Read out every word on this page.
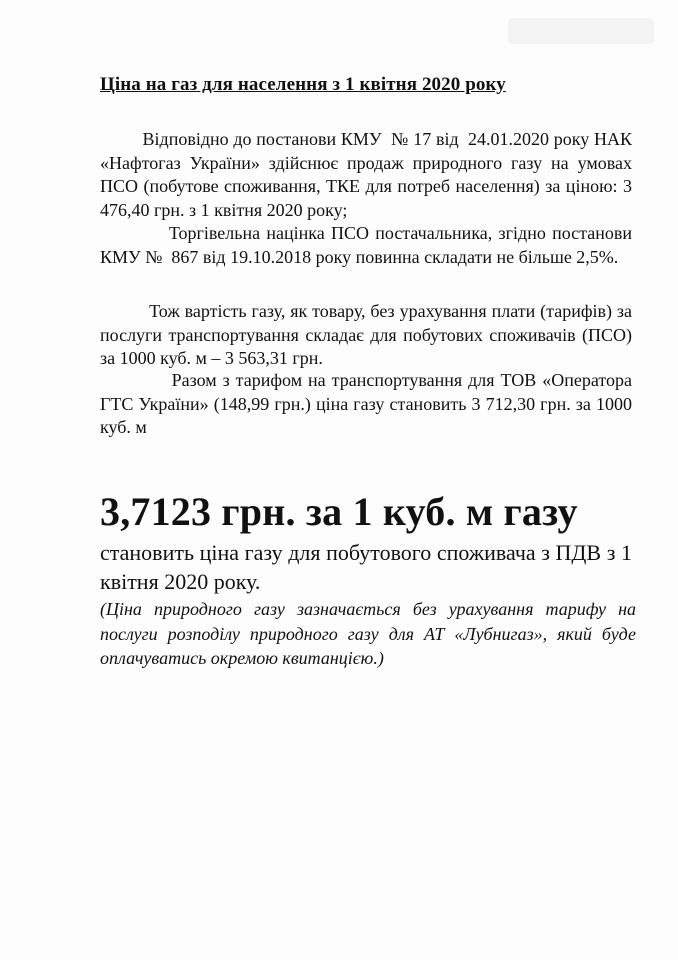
Ціна на газ для населення з 1 квітня 2020 року
Відповідно до постанови КМУ  № 17 від  24.01.2020 року НАК «Нафтогаз України» здійснює продаж природного газу на умовах ПСО (побутове споживання, ТКЕ для потреб населення) за ціною: 3 476,40 грн. з 1 квітня 2020 року;
Торгівельна націнка ПСО постачальника, згідно постанови КМУ №  867 від 19.10.2018 року повинна складати не більше 2,5%.
Тож вартість газу, як товару, без урахування плати (тарифів) за послуги транспортування складає для побутових споживачів (ПСО) за 1000 куб. м – 3 563,31 грн.
Разом з тарифом на транспортування для ТОВ «Оператора ГТС України» (148,99 грн.) ціна газу становить 3 712,30 грн. за 1000 куб. м
3,7123 грн. за 1 куб. м газу
становить ціна газу для побутового споживача з ПДВ з 1 квітня 2020 року.
(Ціна природного газу зазначається без урахування тарифу на послуги розподілу природного газу для АТ «Лубнигаз», який буде оплачуватись окремою квитанцією.)
